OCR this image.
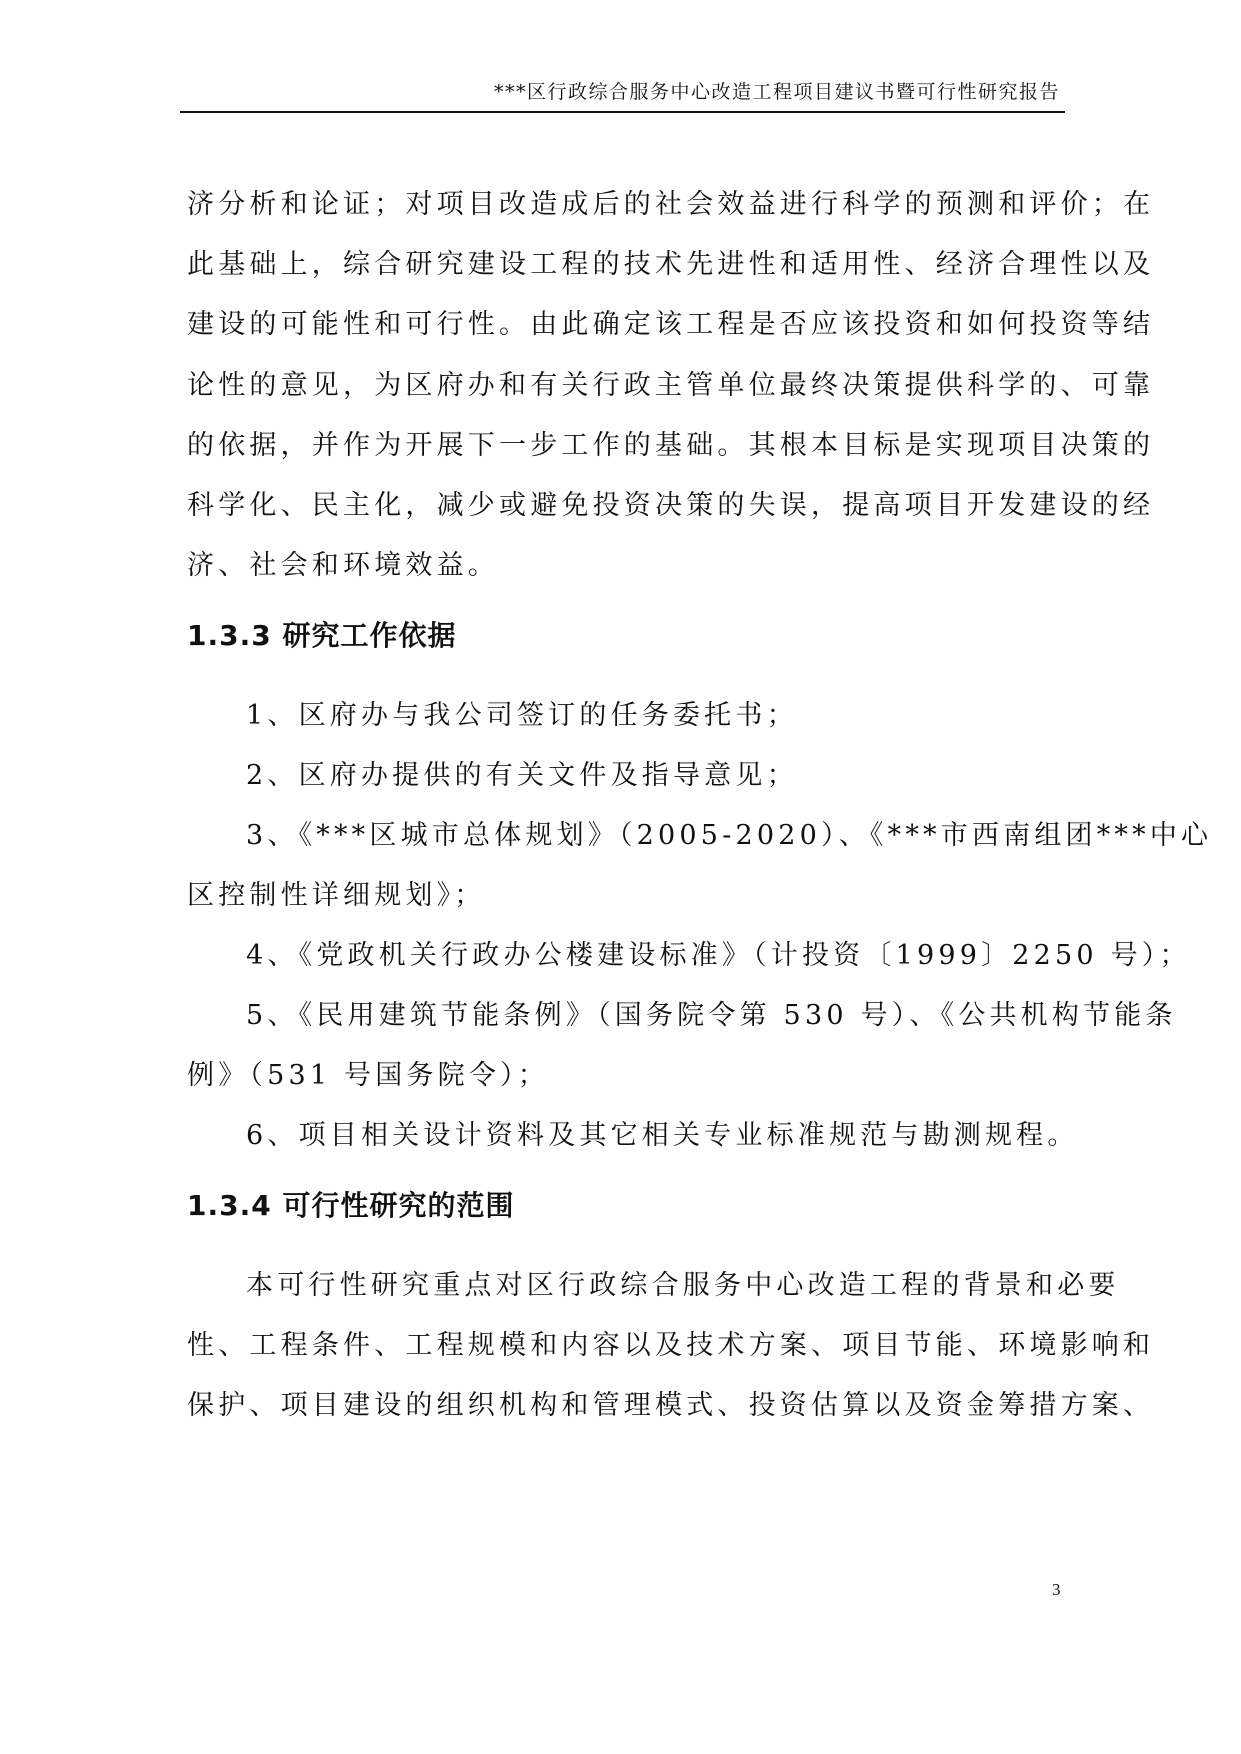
***区行政综合服务中心改造工程项目建议书暨可行性研究报告
济分析和论证；对项目改造成后的社会效益进行科学的预测和评价；在
此基础上，综合研究建设工程的技术先进性和适用性、经济合理性以及
建设的可能性和可行性。由此确定该工程是否应该投资和如何投资等结
论性的意见，为区府办和有关行政主管单位最终决策提供科学的、可靠
的依据，并作为开展下一步工作的基础。其根本目标是实现项目决策的
科学化、民主化，减少或避免投资决策的失误，提高项目开发建设的经
济、社会和环境效益。
1.3.3 研究工作依据
1、区府办与我公司签订的任务委托书；
2、区府办提供的有关文件及指导意见；
3、《***区城市总体规划》（2005-2020）、《***市西南组团***中心
区控制性详细规划》；
4、《党政机关行政办公楼建设标准》（计投资〔1999〕2250 号）；
5、《民用建筑节能条例》（国务院令第 530 号）、《公共机构节能条
例》（531 号国务院令）；
6、项目相关设计资料及其它相关专业标准规范与勘测规程。
1.3.4 可行性研究的范围
本可行性研究重点对区行政综合服务中心改造工程的背景和必要
性、工程条件、工程规模和内容以及技术方案、项目节能、环境影响和
保护、项目建设的组织机构和管理模式、投资估算以及资金筹措方案、
3
